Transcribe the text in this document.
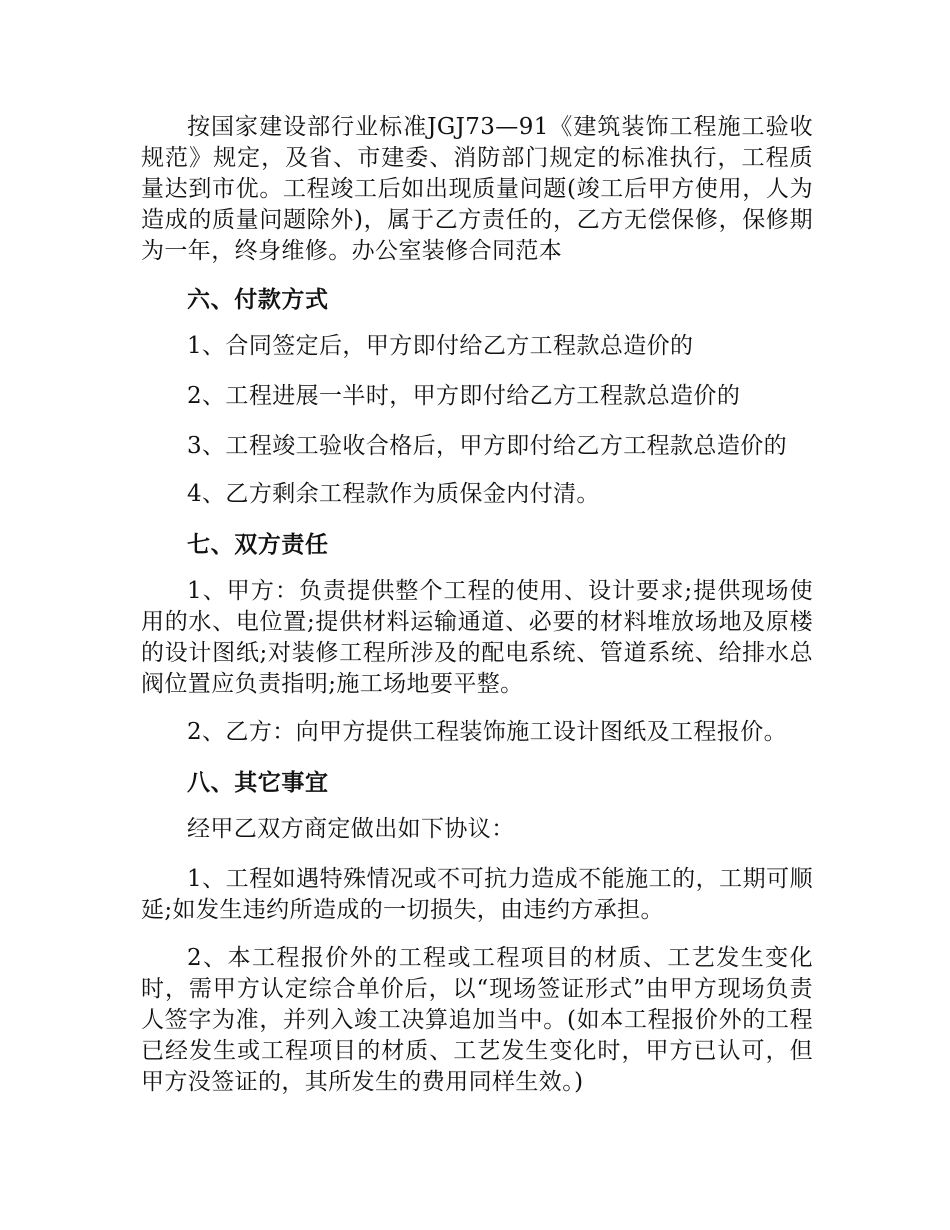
按国家建设部行业标准JGJ73—91《建筑装饰工程施工验收规范》规定，及省、市建委、消防部门规定的标准执行，工程质量达到市优。工程竣工后如出现质量问题(竣工后甲方使用，人为造成的质量问题除外)，属于乙方责任的，乙方无偿保修，保修期为一年，终身维修。办公室装修合同范本

六、付款方式

1、合同签定后，甲方即付给乙方工程款总造价的

2、工程进展一半时，甲方即付给乙方工程款总造价的

3、工程竣工验收合格后，甲方即付给乙方工程款总造价的

4、乙方剩余工程款作为质保金内付清。

七、双方责任

1、甲方：负责提供整个工程的使用、设计要求;提供现场使用的水、电位置;提供材料运输通道、必要的材料堆放场地及原楼的设计图纸;对装修工程所涉及的配电系统、管道系统、给排水总阀位置应负责指明;施工场地要平整。

2、乙方：向甲方提供工程装饰施工设计图纸及工程报价。

八、其它事宜

经甲乙双方商定做出如下协议：

1、工程如遇特殊情况或不可抗力造成不能施工的，工期可顺延;如发生违约所造成的一切损失，由违约方承担。

2、本工程报价外的工程或工程项目的材质、工艺发生变化时，需甲方认定综合单价后，以“现场签证形式”由甲方现场负责人签字为准，并列入竣工决算追加当中。(如本工程报价外的工程已经发生或工程项目的材质、工艺发生变化时，甲方已认可，但甲方没签证的，其所发生的费用同样生效。)
